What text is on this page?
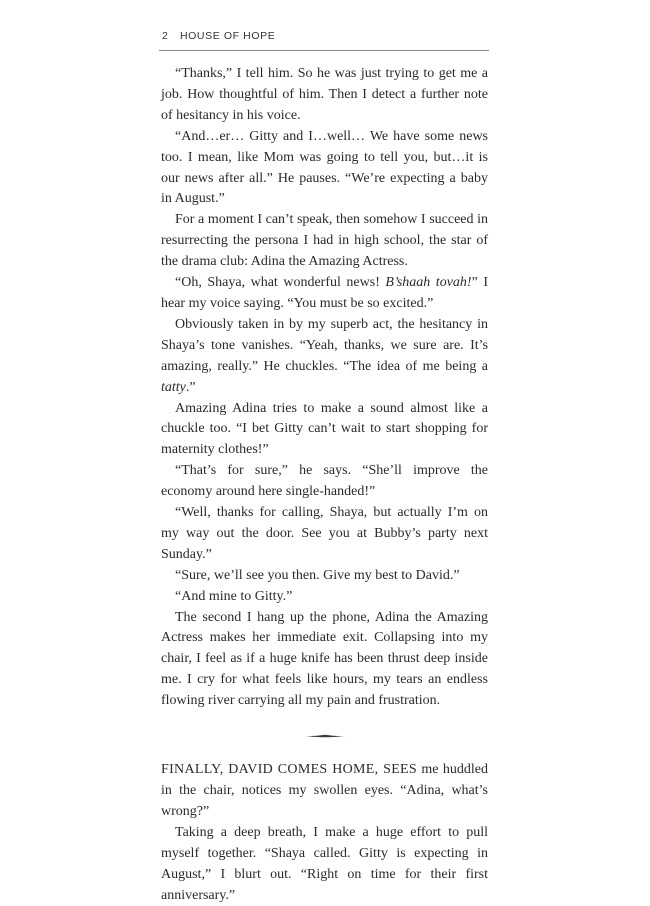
2 HOUSE OF HOPE

“Thanks,” I tell him. So he was just trying to get me a job. How thoughtful of him. Then I detect a further note of hesitancy in his voice.

“And…er… Gitty and I…well… We have some news too. I mean, like Mom was going to tell you, but…it is our news after all.” He pauses. “We’re expecting a baby in August.”

For a moment I can’t speak, then somehow I succeed in resurrecting the persona I had in high school, the star of the drama club: Adina the Amazing Actress.

“Oh, Shaya, what wonderful news! B’shaah tovah!” I hear my voice saying. “You must be so excited.”

Obviously taken in by my superb act, the hesitancy in Shaya’s tone vanishes. “Yeah, thanks, we sure are. It’s amazing, really.” He chuckles. “The idea of me being a tatty.”

Amazing Adina tries to make a sound almost like a chuckle too. “I bet Gitty can’t wait to start shopping for maternity clothes!”

“That’s for sure,” he says. “She’ll improve the economy around here single-handed!”

“Well, thanks for calling, Shaya, but actually I’m on my way out the door. See you at Bubby’s party next Sunday.”

“Sure, we’ll see you then. Give my best to David.”

“And mine to Gitty.”

The second I hang up the phone, Adina the Amazing Actress makes her immediate exit. Collapsing into my chair, I feel as if a huge knife has been thrust deep inside me. I cry for what feels like hours, my tears an endless flowing river carrying all my pain and frustration.

FINALLY, DAVID COMES HOME, SEES me huddled in the chair, notices my swollen eyes. “Adina, what’s wrong?”

Taking a deep breath, I make a huge effort to pull myself together. “Shaya called. Gitty is expecting in August,” I blurt out. “Right on time for their first anniversary.”
